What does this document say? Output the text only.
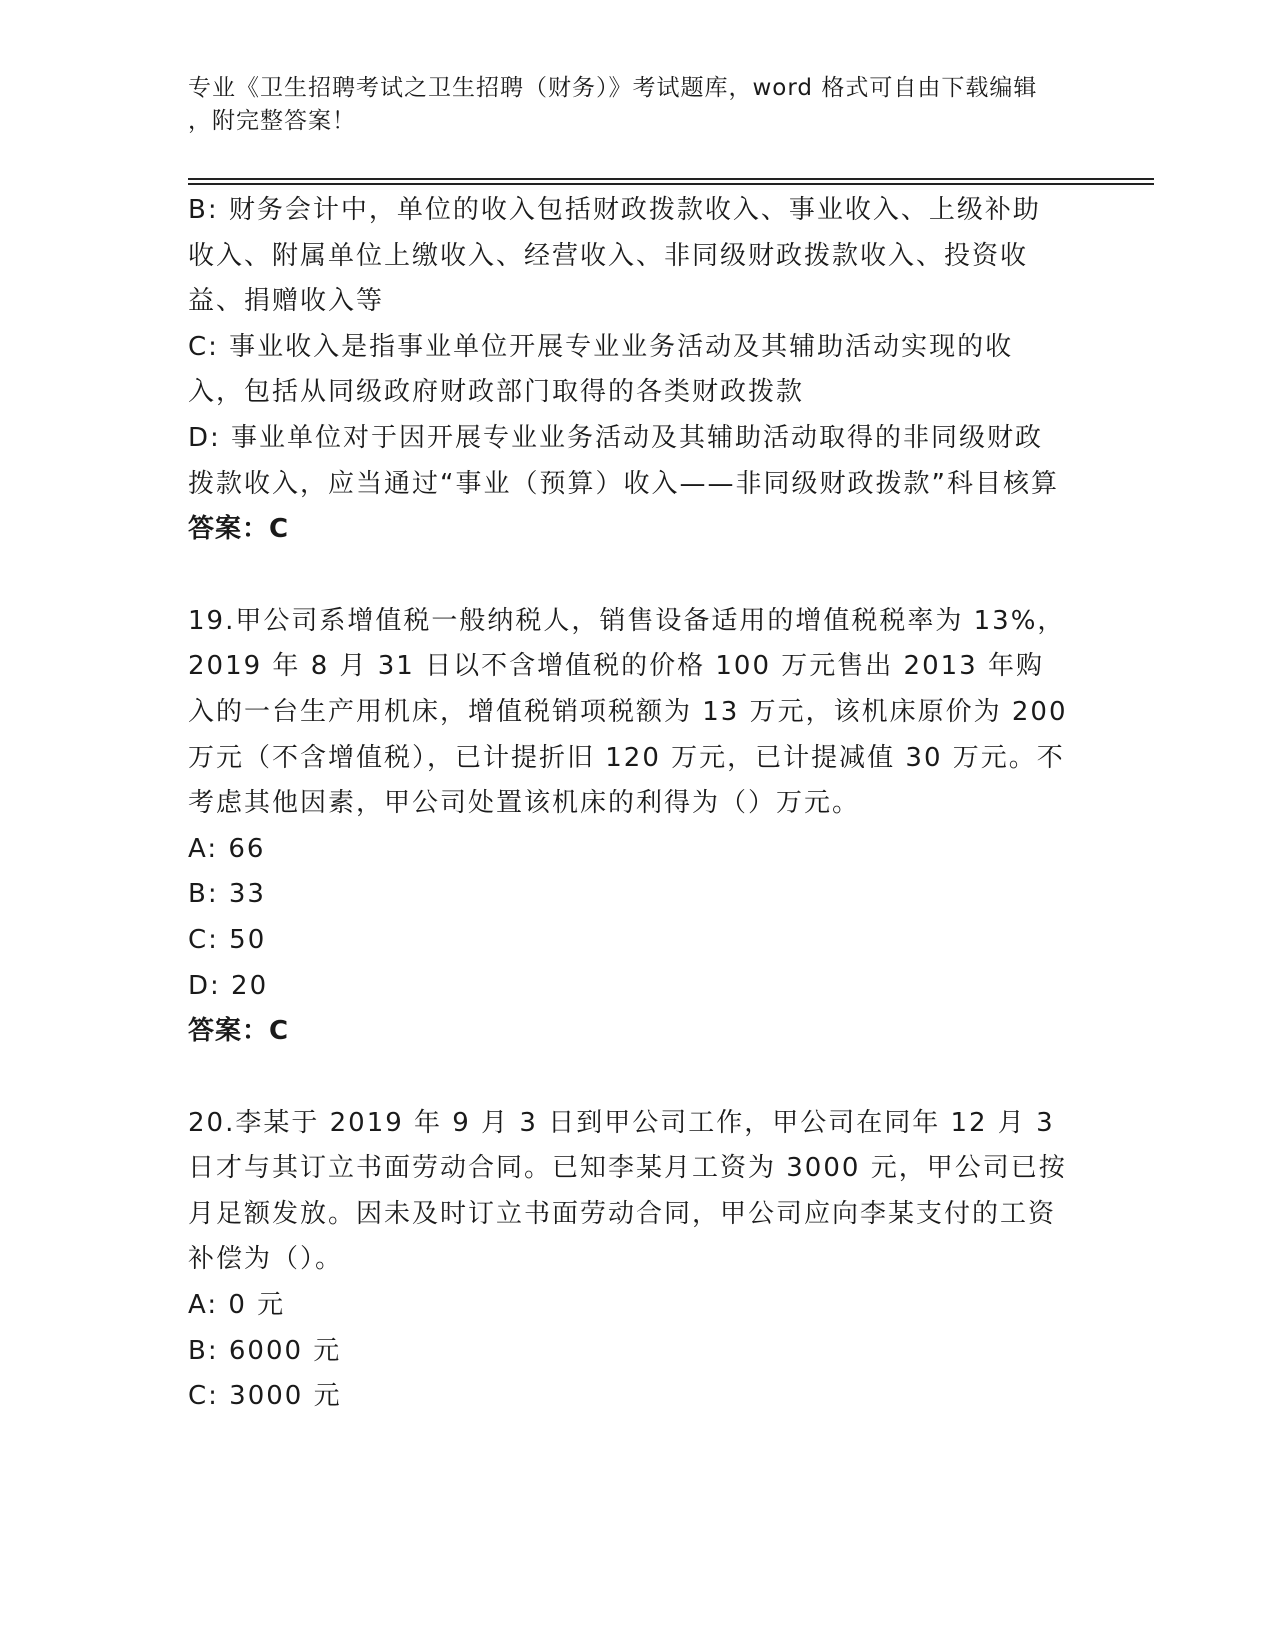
专业《卫生招聘考试之卫生招聘（财务）》考试题库，word 格式可自由下载编辑
，附完整答案！

B: 财务会计中，单位的收入包括财政拨款收入、事业收入、上级补助收入、附属单位上缴收入、经营收入、非同级财政拨款收入、投资收益、捐赠收入等

C: 事业收入是指事业单位开展专业业务活动及其辅助活动实现的收入，包括从同级政府财政部门取得的各类财政拨款

D: 事业单位对于因开展专业业务活动及其辅助活动取得的非同级财政拨款收入，应当通过“事业（预算）收入——非同级财政拨款”科目核算

答案：C

19.甲公司系增值税一般纳税人，销售设备适用的增值税税率为 13%，2019 年 8 月 31 日以不含增值税的价格 100 万元售出 2013 年购入的一台生产用机床，增值税销项税额为 13 万元，该机床原价为 200 万元（不含增值税），已计提折旧 120 万元，已计提减值 30 万元。不考虑其他因素，甲公司处置该机床的利得为（）万元。

A: 66

B: 33

C: 50

D: 20

答案：C

20.李某于 2019 年 9 月 3 日到甲公司工作，甲公司在同年 12 月 3 日才与其订立书面劳动合同。已知李某月工资为 3000 元，甲公司已按月足额发放。因未及时订立书面劳动合同，甲公司应向李某支付的工资补偿为（）。

A: 0 元

B: 6000 元

C: 3000 元
